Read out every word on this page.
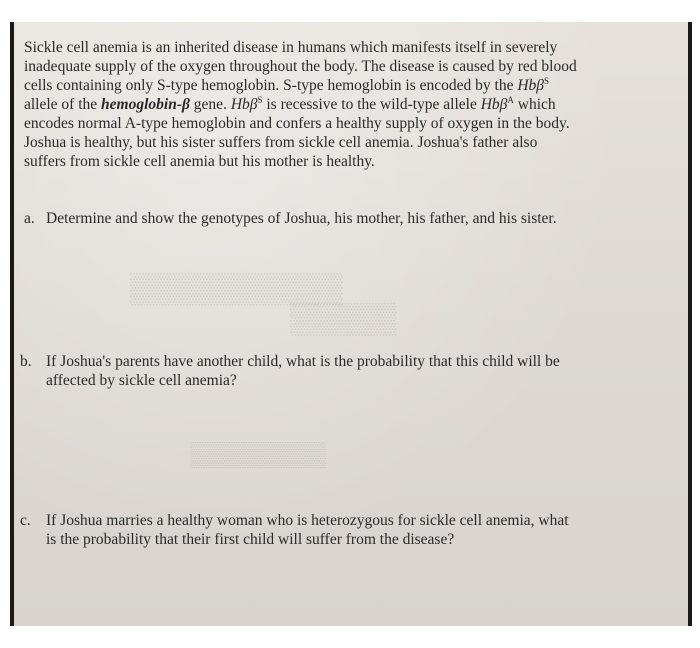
▒▒▒▒▒▒▒▒▒▒
▒▒▒▒▒
▒▒▒▒▒▒▒▒
Sickle cell anemia is an inherited disease in humans which manifests itself in severely
inadequate supply of the oxygen throughout the body. The disease is caused by red blood
cells containing only S-type hemoglobin. S-type hemoglobin is encoded by the Hbβ$^S$
allele of the hemoglobin-β gene. Hbβ$^S$ is recessive to the wild-type allele Hbβ$^A$ which
encodes normal A-type hemoglobin and confers a healthy supply of oxygen in the body.
Joshua is healthy, but his sister suffers from sickle cell anemia. Joshua's father also
suffers from sickle cell anemia but his mother is healthy.
a. Determine and show the genotypes of Joshua, his mother, his father, and his sister.
b. If Joshua's parents have another child, what is the probability that this child will be
affected by sickle cell anemia?
c. If Joshua marries a healthy woman who is heterozygous for sickle cell anemia, what
is the probability that their first child will suffer from the disease?
